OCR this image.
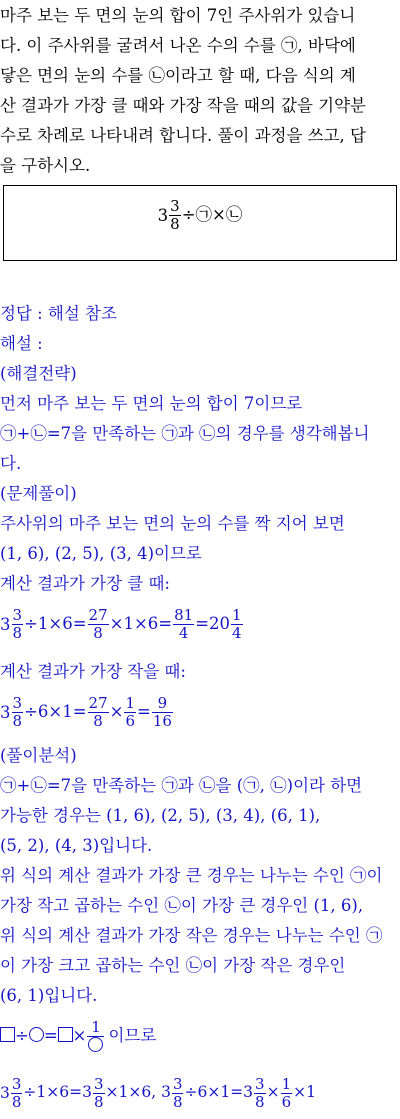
마주 보는 두 면의 눈의 합이 7인 주사위가 있습니
다. 이 주사위를 굴려서 나온 수의 수를 ㉠, 바닥에
닿은 면의 눈의 수를 ㉡이라고 할 때, 다음 식의 계
산 결과가 가장 클 때와 가장 작을 때의 값을 기약분
수로 차례로 나타내려 합니다. 풀이 과정을 쓰고, 답
을 구하시오.
$3 \frac{3}{8}$ ÷㉠×㉡
정답 : 해설 참조
해설 :
(해결전략)
먼저 마주 보는 두 면의 눈의 합이 7이므로
㉠+㉡=7을 만족하는 ㉠과 ㉡의 경우를 생각해봅니
다.
(문제풀이)
주사위의 마주 보는 면의 눈의 수를 짝 지어 보면
(1, 6), (2, 5), (3, 4)이므로
계산 결과가 가장 클 때:
$3 \frac{3}{8} \div 1\times 6= \frac{27}{8} \times 1\times 6= \frac{81}{4} =20 \frac{1}{4}$
계산 결과가 가장 작을 때:
$3 \frac{3}{8} \div 6\times 1= \frac{27}{8} \times \frac{1}{6} = \frac{9}{16}$
(풀이분석)
㉠+㉡=7을 만족하는 ㉠과 ㉡을 (㉠, ㉡)이라 하면
가능한 경우는 (1, 6), (2, 5), (3, 4), (6, 1),
(5, 2), (4, 3)입니다.
위 식의 계산 결과가 가장 큰 경우는 나누는 수인 ㉠이
가장 작고 곱하는 수인 ㉡이 가장 큰 경우인 (1, 6),
위 식의 계산 결과가 가장 작은 경우는 나누는 수인 ㉠
이 가장 크고 곱하는 수인 ㉡이 가장 작은 경우인
(6, 1)입니다.
÷ = × 1 이므로
$3 \frac{3}{8} \div 1\times 6=3 \frac{3}{8} \times 1\times 6$, $3 \frac{3}{8} \div 6\times 1=3 \frac{3}{8} \times \frac{1}{6} \times 1$
